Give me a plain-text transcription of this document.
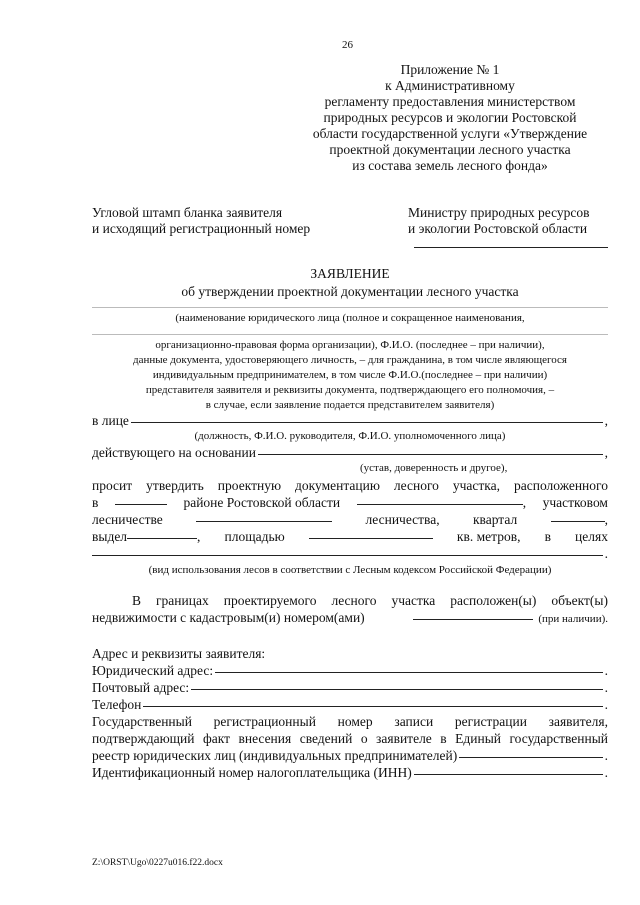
26
Приложение № 1
к Административному
регламенту предоставления министерством
природных ресурсов и экологии Ростовской
области государственной услуги «Утверждение
проектной документации лесного участка
из состава земель лесного фонда»
Угловой штамп бланка заявителя
и исходящий регистрационный номер
Министру природных ресурсов
и экологии Ростовской области
ЗАЯВЛЕНИЕ
об утверждении проектной документации лесного участка
(наименование юридического лица (полное и сокращенное наименования,
организационно-правовая форма организации), Ф.И.О. (последнее – при наличии),
данные документа, удостоверяющего личность, – для гражданина, в том числе являющегося
индивидуальным предпринимателем, в том числе Ф.И.О.(последнее – при наличии)
представителя заявителя и реквизиты документа, подтверждающего его полномочия, –
в случае, если заявление подается представителем заявителя)
в лице	,
(должность, Ф.И.О. руководителя, Ф.И.О. уполномоченного лица)
действующего на основании	,
(устав, доверенность и другое),
просит утвердить проектную документацию лесного участка, расположенного
в	районе Ростовской области	, участковом
лесничестве	лесничества, квартал	,
выдел	, площадью	кв. метров, в целях
.
(вид использования лесов в соответствии с Лесным кодексом Российской Федерации)
В границах проектируемого лесного участка расположен(ы) объект(ы)
недвижимости с кадастровым(и) номером(ами)	(при наличии).
Адрес и реквизиты заявителя:
Юридический адрес:	.
Почтовый адрес:	.
Телефон	.
Государственный регистрационный номер записи регистрации заявителя,
подтверждающий факт внесения сведений о заявителе в Единый государственный
реестр юридических лиц (индивидуальных предпринимателей)	.
Идентификационный номер налогоплательщика (ИНН)	.
Z:\ORST\Ugo\0227u016.f22.docx
